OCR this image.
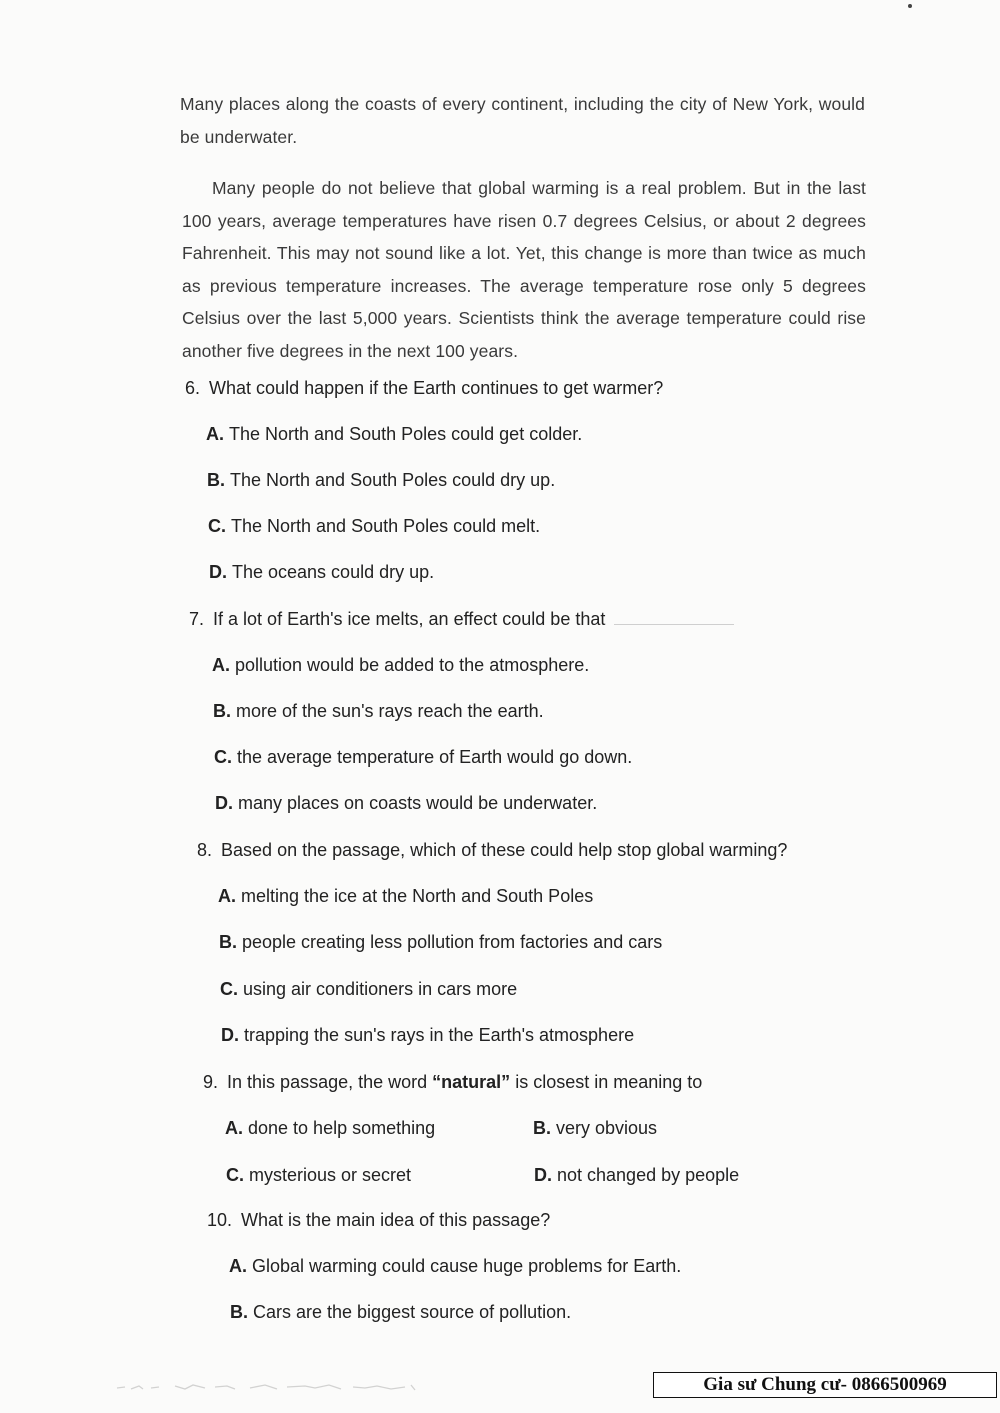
Many places along the coasts of every continent, including the city of New York, would be underwater.

Many people do not believe that global warming is a real problem. But in the last 100 years, average temperatures have risen 0.7 degrees Celsius, or about 2 degrees Fahrenheit. This may not sound like a lot. Yet, this change is more than twice as much as previous temperature increases. The average temperature rose only 5 degrees Celsius over the last 5,000 years. Scientists think the average temperature could rise another five degrees in the next 100 years.

6. What could happen if the Earth continues to get warmer?
A. The North and South Poles could get colder.
B. The North and South Poles could dry up.
C. The North and South Poles could melt.
D. The oceans could dry up.
7. If a lot of Earth's ice melts, an effect could be that
A. pollution would be added to the atmosphere.
B. more of the sun's rays reach the earth.
C. the average temperature of Earth would go down.
D. many places on coasts would be underwater.
8. Based on the passage, which of these could help stop global warming?
A. melting the ice at the North and South Poles
B. people creating less pollution from factories and cars
C. using air conditioners in cars more
D. trapping the sun's rays in the Earth's atmosphere
9. In this passage, the word “natural” is closest in meaning to
A. done to help something	B. very obvious
C. mysterious or secret	D. not changed by people
10. What is the main idea of this passage?
A. Global warming could cause huge problems for Earth.
B. Cars are the biggest source of pollution.
Gia sư Chung cư- 0866500969
